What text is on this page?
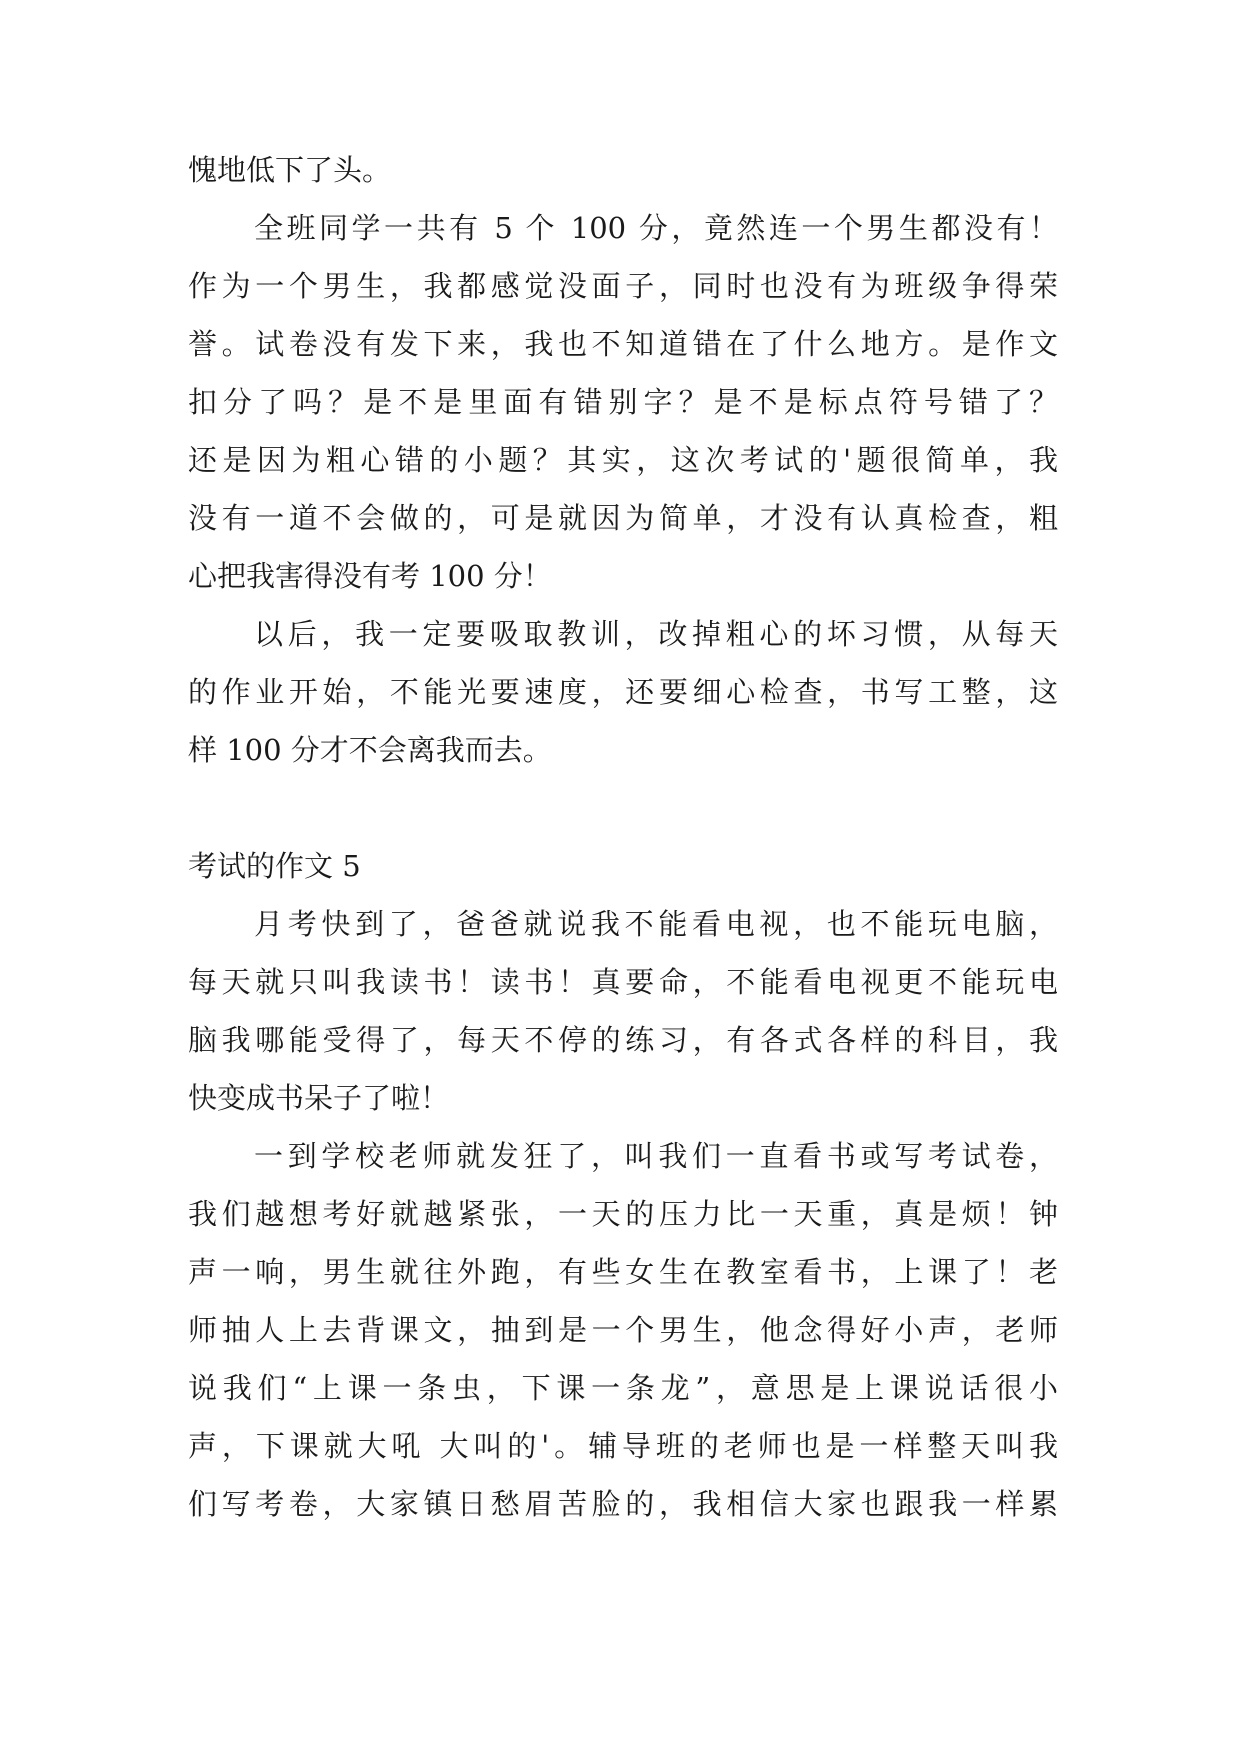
愧地低下了头。
全班同学一共有 5 个 100 分，竟然连一个男生都没有！
作为一个男生，我都感觉没面子，同时也没有为班级争得荣
誉。试卷没有发下来，我也不知道错在了什么地方。是作文
扣分了吗？是不是里面有错别字？是不是标点符号错了？
还是因为粗心错的小题？其实，这次考试的'题很简单，我
没有一道不会做的，可是就因为简单，才没有认真检查，粗
心把我害得没有考 100 分！
以后，我一定要吸取教训，改掉粗心的坏习惯，从每天
的作业开始，不能光要速度，还要细心检查，书写工整，这
样 100 分才不会离我而去。
考试的作文 5
月考快到了，爸爸就说我不能看电视，也不能玩电脑，
每天就只叫我读书！读书！真要命，不能看电视更不能玩电
脑我哪能受得了，每天不停的练习，有各式各样的科目，我
快变成书呆子了啦！
一到学校老师就发狂了，叫我们一直看书或写考试卷，
我们越想考好就越紧张，一天的压力比一天重，真是烦！钟
声一响，男生就往外跑，有些女生在教室看书，上课了！老
师抽人上去背课文，抽到是一个男生，他念得好小声，老师
说我们“上课一条虫，下课一条龙”，意思是上课说话很小
声，下课就大吼 大叫的'。辅导班的老师也是一样整天叫我
们写考卷，大家镇日愁眉苦脸的，我相信大家也跟我一样累
